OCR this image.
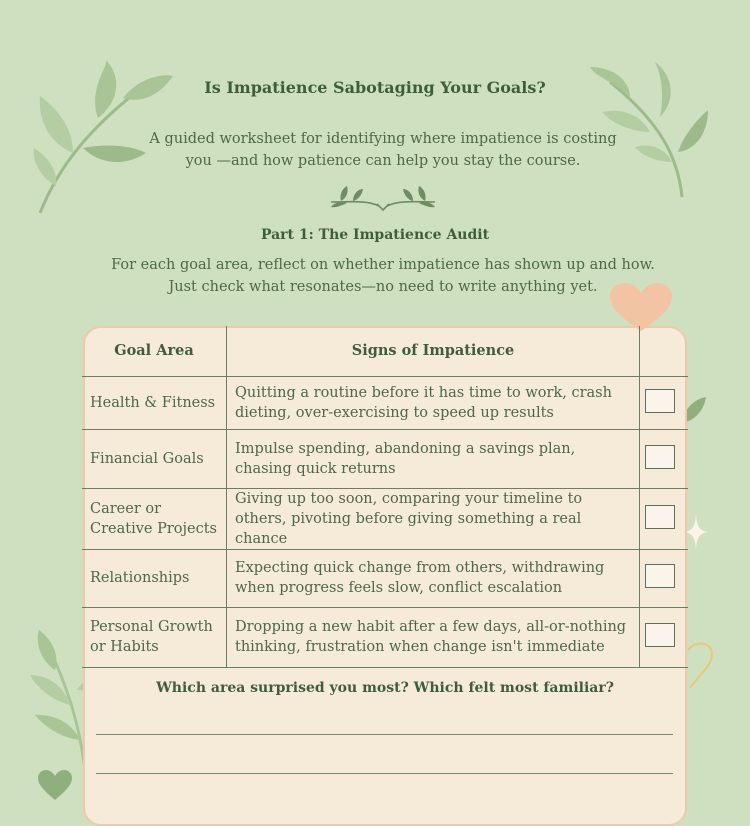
Is Impatience Sabotaging Your Goals?

A guided worksheet for identifying where impatience is costing you —and how patience can help you stay the course.

Part 1: The Impatience Audit

For each goal area, reflect on whether impatience has shown up and how. Just check what resonates—no need to write anything yet.

Goal Area	Signs of Impatience	
Health & Fitness	Quitting a routine before it has time to work, crash dieting, over-exercising to speed up results	
Financial Goals	Impulse spending, abandoning a savings plan, chasing quick returns	
Career or Creative Projects	Giving up too soon, comparing your timeline to others, pivoting before giving something a real chance	
Relationships	Expecting quick change from others, withdrawing when progress feels slow, conflict escalation	
Personal Growth or Habits	Dropping a new habit after a few days, all-or-nothing thinking, frustration when change isn't immediate	

Which area surprised you most? Which felt most familiar?
